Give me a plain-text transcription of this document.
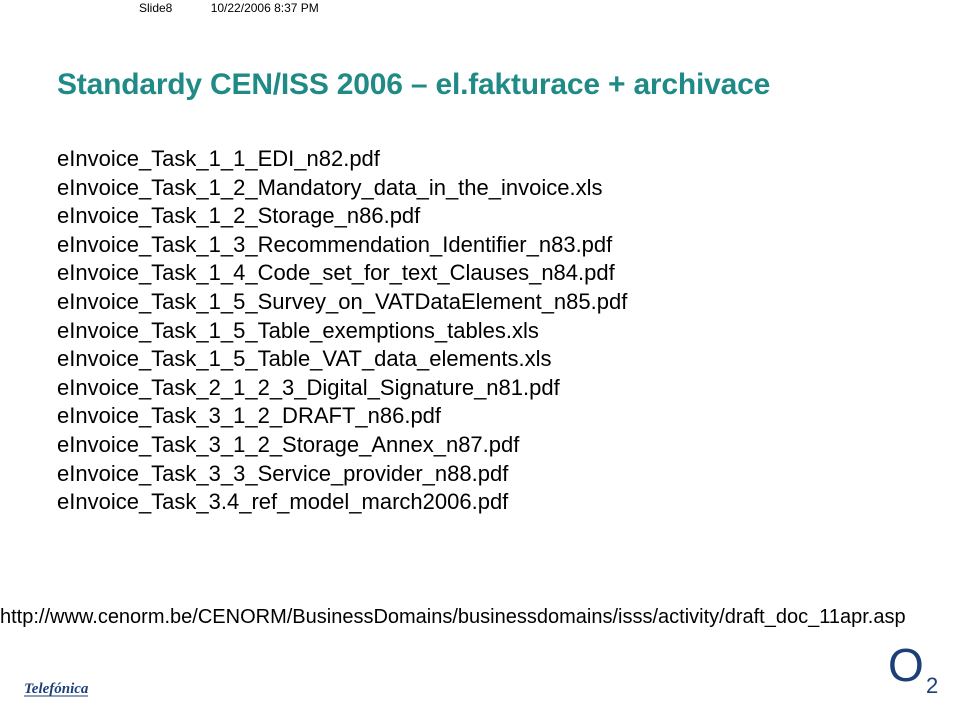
Slide8	10/22/2006 8:37 PM
Standardy CEN/ISS 2006 – el.fakturace + archivace
eInvoice_Task_1_1_EDI_n82.pdf
eInvoice_Task_1_2_Mandatory_data_in_the_invoice.xls
eInvoice_Task_1_2_Storage_n86.pdf
eInvoice_Task_1_3_Recommendation_Identifier_n83.pdf
eInvoice_Task_1_4_Code_set_for_text_Clauses_n84.pdf
eInvoice_Task_1_5_Survey_on_VATDataElement_n85.pdf
eInvoice_Task_1_5_Table_exemptions_tables.xls
eInvoice_Task_1_5_Table_VAT_data_elements.xls
eInvoice_Task_2_1_2_3_Digital_Signature_n81.pdf
eInvoice_Task_3_1_2_DRAFT_n86.pdf
eInvoice_Task_3_1_2_Storage_Annex_n87.pdf
eInvoice_Task_3_3_Service_provider_n88.pdf
eInvoice_Task_3.4_ref_model_march2006.pdf
http://www.cenorm.be/CENORM/BusinessDomains/businessdomains/isss/activity/draft_doc_11apr.asp
Telefónica	O 2
